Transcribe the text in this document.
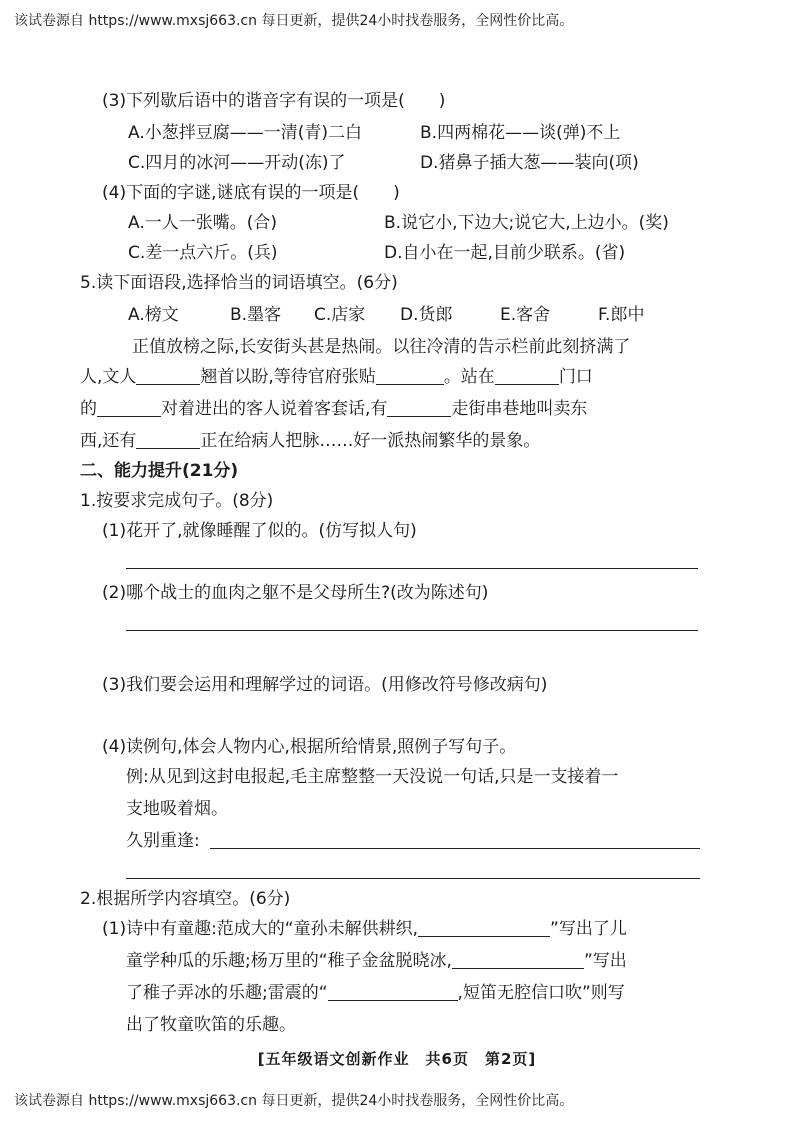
该试卷源自 https://www.mxsj663.cn 每日更新，提供24小时找卷服务，全网性价比高。
(3)下列歇后语中的谐音字有误的一项是(　　)
A.小葱拌豆腐——一清(青)二白	B.四两棉花——谈(弹)不上
C.四月的冰河——开动(冻)了	D.猪鼻子插大葱——装向(项)
(4)下面的字谜,谜底有误的一项是(　　)
A.一人一张嘴。(合)	B.说它小,下边大;说它大,上边小。(奖)
C.差一点六斤。(兵)	D.自小在一起,目前少联系。(省)
5.读下面语段,选择恰当的词语填空。(6分)
A.榜文	B.墨客 C.店家 D.货郎	E.客舍	F.郎中
正值放榜之际,长安街头甚是热闹。以往冷清的告示栏前此刻挤满了
人,文人	翘首以盼,等待官府张贴	。站在	门口
的	对着进出的客人说着客套话,有	走街串巷地叫卖东
西,还有	正在给病人把脉……好一派热闹繁华的景象。
二、能力提升(21分)
1.按要求完成句子。(8分)
(1)花开了,就像睡醒了似的。(仿写拟人句)
(2)哪个战士的血肉之躯不是父母所生?(改为陈述句)
(3)我们要会运用和理解学过的词语。(用修改符号修改病句)
(4)读例句,体会人物内心,根据所给情景,照例子写句子。
例:从见到这封电报起,毛主席整整一天没说一句话,只是一支接着一
支地吸着烟。
久别重逢:
2.根据所学内容填空。(6分)
(1)诗中有童趣:范成大的“童孙未解供耕织,	”写出了儿
童学种瓜的乐趣;杨万里的“稚子金盆脱晓冰,	”写出
了稚子弄冰的乐趣;雷震的“	,短笛无腔信口吹”则写
出了牧童吹笛的乐趣。
[五年级语文创新作业　共6页　第2页]
该试卷源自 https://www.mxsj663.cn 每日更新，提供24小时找卷服务，全网性价比高。
